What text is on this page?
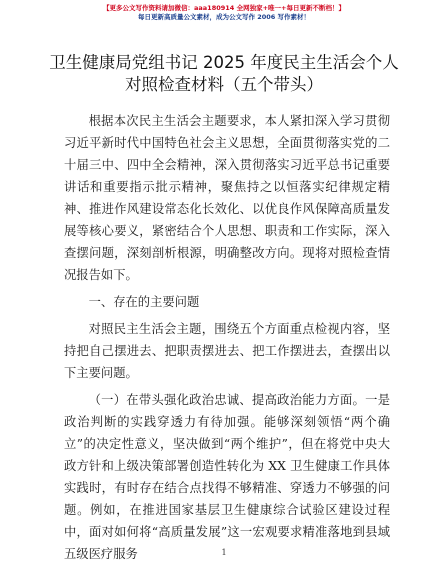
【更多公文写作资料请加微信：aaa180914 全网独家+唯一+每日更新不断档！】
每日更新高质量公文素材，成为公文写作 2006 写作素材！
卫生健康局党组书记 2025 年度民主生活会个人
对照检查材料（五个带头）

根据本次民主生活会主题要求，本人紧扣深入学习贯彻习近平新时代中国特色社会主义思想，全面贯彻落实党的二十届三中、四中全会精神，深入贯彻落实习近平总书记重要讲话和重要指示批示精神，聚焦持之以恒落实纪律规定精神、推进作风建设常态化长效化、以优良作风保障高质量发展等核心要义，紧密结合个人思想、职责和工作实际，深入查摆问题，深刻剖析根源，明确整改方向。现将对照检查情况报告如下。

一、存在的主要问题

对照民主生活会主题，围绕五个方面重点检视内容，坚持把自己摆进去、把职责摆进去、把工作摆进去，查摆出以下主要问题。

（一）在带头强化政治忠诚、提高政治能力方面。一是政治判断的实践穿透力有待加强。能够深刻领悟“两个确立”的决定性意义，坚决做到“两个维护”，但在将党中央大政方针和上级决策部署创造性转化为 XX 卫生健康工作具体实践时，有时存在结合点找得不够精准、穿透力不够强的问题。例如，在推进国家基层卫生健康综合试验区建设过程中，面对如何将“高质量发展”这一宏观要求精准落地到县域五级医疗服务	1
